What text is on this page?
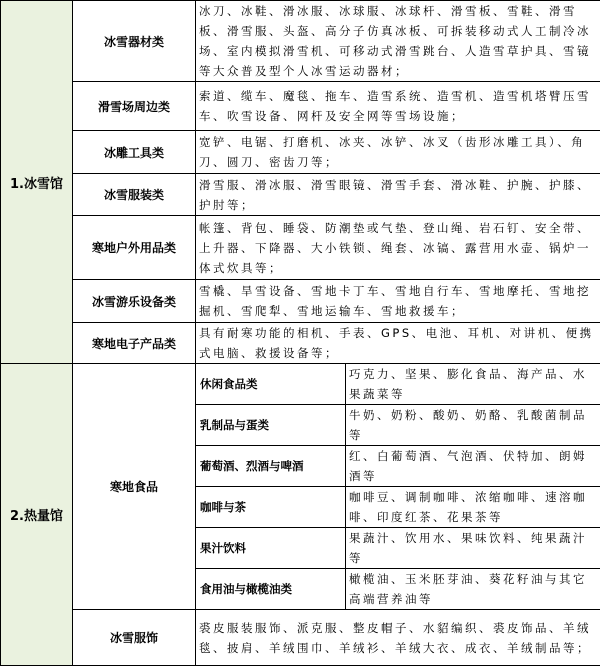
1.冰雪馆	冰雪器材类	冰刀、冰鞋、滑冰服、冰球服、冰球杆、滑雪板、雪鞋、滑雪板、滑雪服、头盔、高分子仿真冰板、可拆装移动式人工制冷冰场、室内模拟滑雪机、可移动式滑雪跳台、人造雪草护具、雪镜等大众普及型个人冰雪运动器材；	
	滑雪场周边类	索道、缆车、魔毯、拖车、造雪系统、造雪机、造雪机塔臂压雪车、吹雪设备、网杆及安全网等雪场设施；	
	冰雕工具类	宽铲、电锯、打磨机、冰夹、冰铲、冰叉（齿形冰雕工具）、角刀、圆刀、密齿刀等；	
	冰雪服装类	滑雪服、滑冰服、滑雪眼镜、滑雪手套、滑冰鞋、护腕、护膝、护肘等；	
	寒地户外用品类	帐篷、背包、睡袋、防潮垫或气垫、登山绳、岩石钉、安全带、上升器、下降器、大小铁锁、绳套、冰镐、露营用水壶、锅炉一体式炊具等；	
	冰雪游乐设备类	雪橇、旱雪设备、雪地卡丁车、雪地自行车、雪地摩托、雪地挖掘机、雪爬犁、雪地运输车、雪地救援车；	
	寒地电子产品类	具有耐寒功能的相机、手表、GPS、电池、耳机、对讲机、便携式电脑、救援设备等；	
2.热量馆	寒地食品	休闲食品类	巧克力、坚果、膨化食品、海产品、水果蔬菜等
		乳制品与蛋类	牛奶、奶粉、酸奶、奶酪、乳酸菌制品等
		葡萄酒、烈酒与啤酒	红、白葡萄酒、气泡酒、伏特加、朗姆酒等
		咖啡与茶	咖啡豆、调制咖啡、浓缩咖啡、速溶咖啡、印度红茶、花果茶等
		果汁饮料	果蔬汁、饮用水、果味饮料、纯果蔬汁等
		食用油与橄榄油类	橄榄油、玉米胚芽油、葵花籽油与其它高端营养油等
	冰雪服饰	裘皮服装服饰、派克服、整皮帽子、水貂编织、裘皮饰品、羊绒毯、披肩、羊绒围巾、羊绒衫、羊绒大衣、成衣、羊绒制品等；	
